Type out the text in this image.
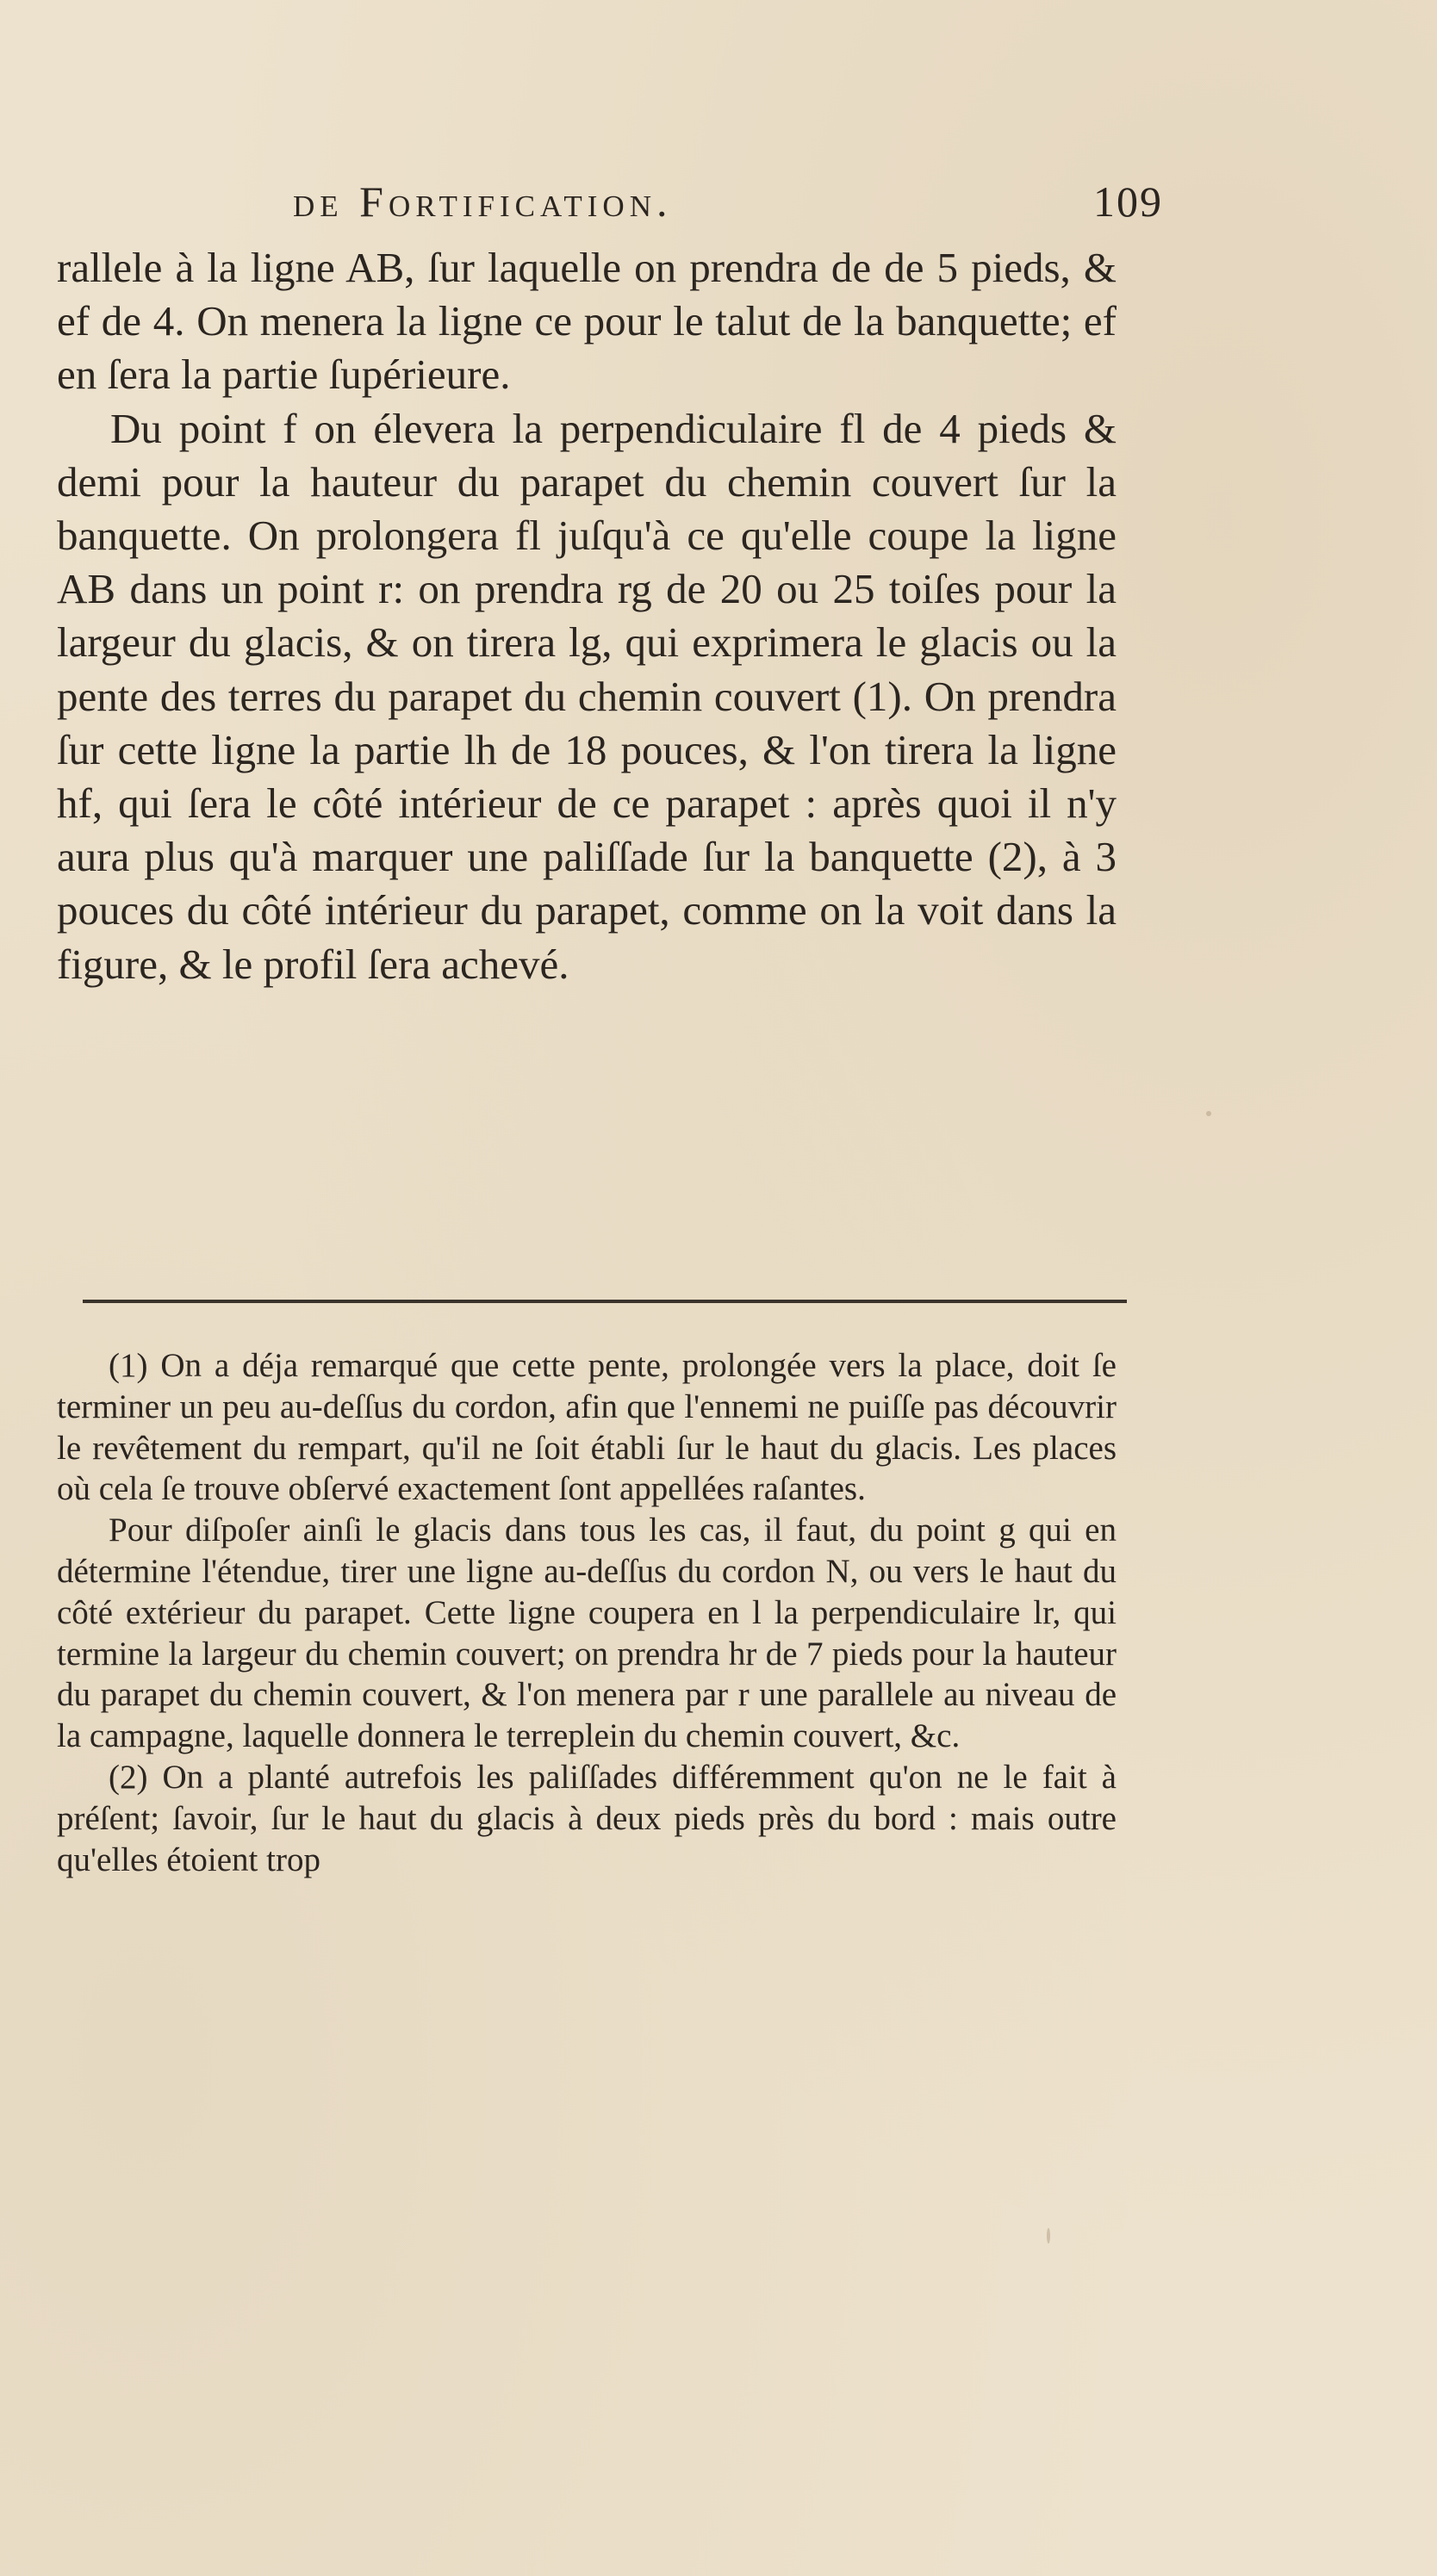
de Fortification.	109

rallele à la ligne AB, ſur laquelle on prendra de de 5 pieds, & ef de 4. On menera la ligne ce pour le talut de la banquette; ef en ſera la partie ſupérieure.

Du point f on élevera la perpendiculaire fl de 4 pieds & demi pour la hauteur du parapet du chemin couvert ſur la banquette. On prolongera fl juſqu'à ce qu'elle coupe la ligne AB dans un point r: on prendra rg de 20 ou 25 toiſes pour la largeur du glacis, & on tirera lg, qui exprimera le glacis ou la pente des terres du parapet du chemin couvert (1). On prendra ſur cette ligne la partie lh de 18 pouces, & l'on tirera la ligne hf, qui ſera le côté intérieur de ce parapet : après quoi il n'y aura plus qu'à marquer une paliſſade ſur la banquette (2), à 3 pouces du côté intérieur du parapet, comme on la voit dans la figure, & le profil ſera achevé.

(1) On a déja remarqué que cette pente, prolongée vers la place, doit ſe terminer un peu au-deſſus du cordon, afin que l'ennemi ne puiſſe pas découvrir le revêtement du rempart, qu'il ne ſoit établi ſur le haut du glacis. Les places où cela ſe trouve obſervé exactement ſont appellées raſantes.

Pour diſpoſer ainſi le glacis dans tous les cas, il faut, du point g qui en détermine l'étendue, tirer une ligne au-deſſus du cordon N, ou vers le haut du côté extérieur du parapet. Cette ligne coupera en l la perpendiculaire lr, qui termine la largeur du chemin couvert; on prendra hr de 7 pieds pour la hauteur du parapet du chemin couvert, & l'on menera par r une parallele au niveau de la campagne, laquelle donnera le terreplein du chemin couvert, &c.

(2) On a planté autrefois les paliſſades différemment qu'on ne le fait à préſent; ſavoir, ſur le haut du glacis à deux pieds près du bord : mais outre qu'elles étoient trop
